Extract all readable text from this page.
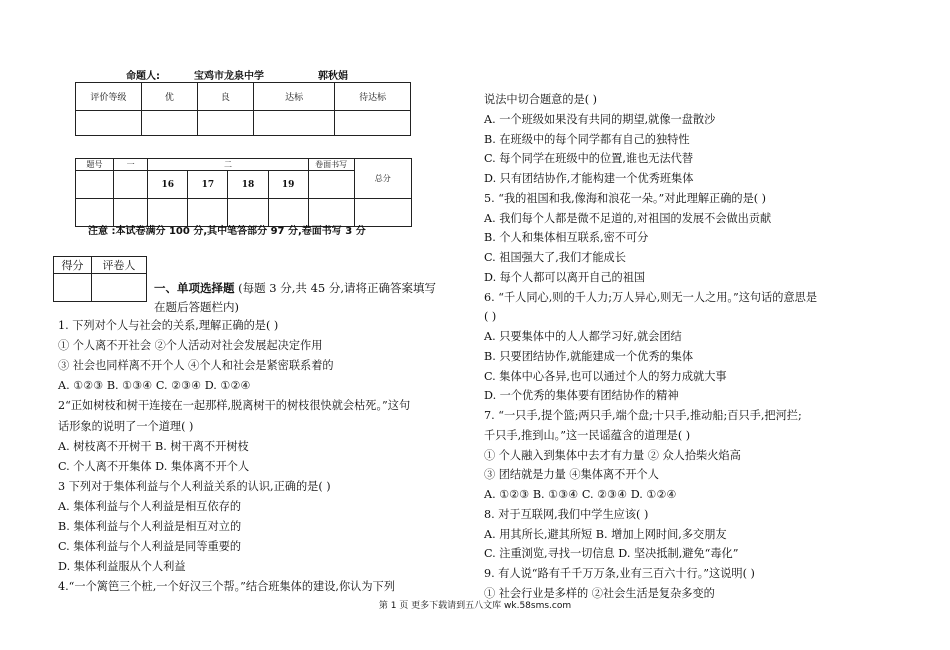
命题人:	宝鸡市龙泉中学	郭秋娟
评价等级	优	良	达标	待达标

题号	一	二				卷面书写	总分
		16	17	18	19		

注意 :本试卷满分 100 分,其中笔答部分 97 分,卷面书写 3 分
得分	评卷人

一、单项选择题 (每题 3 分,共 45 分,请将正确答案填写
在题后答题栏内)
1. 下列对个人与社会的关系,理解正确的是( )
① 个人离不开社会 ②个人活动对社会发展起决定作用
③ 社会也同样离不开个人 ④个人和社会是紧密联系着的
A. ①②③ B. ①③④ C. ②③④ D. ①②④
2“正如树枝和树干连接在一起那样,脱离树干的树枝很快就会枯死。”这句
话形象的说明了一个道理( )
A. 树枝离不开树干 B. 树干离不开树枝
C. 个人离不开集体 D. 集体离不开个人
3 下列对于集体利益与个人利益关系的认识,正确的是( )
A. 集体利益与个人利益是相互依存的
B. 集体利益与个人利益是相互对立的
C. 集体利益与个人利益是同等重要的
D. 集体利益服从个人利益
4.“一个篱笆三个桩,一个好汉三个帮。”结合班集体的建设,你认为下列
说法中切合题意的是( )
A. 一个班级如果没有共同的期望,就像一盘散沙
B. 在班级中的每个同学都有自己的独特性
C. 每个同学在班级中的位置,谁也无法代替
D. 只有团结协作,才能构建一个优秀班集体
5. “我的祖国和我,像海和浪花一朵。”对此理解正确的是( )
A. 我们每个人都是微不足道的,对祖国的发展不会做出贡献
B. 个人和集体相互联系,密不可分
C. 祖国强大了,我们才能成长
D. 每个人都可以离开自己的祖国
6. “千人同心,则的千人力;万人异心,则无一人之用。”这句话的意思是
( )
A. 只要集体中的人人都学习好,就会团结
B. 只要团结协作,就能建成一个优秀的集体
C. 集体中心各异,也可以通过个人的努力成就大事
D. 一个优秀的集体要有团结协作的精神
7. “一只手,提个篮;两只手,端个盘;十只手,推动船;百只手,把河拦;
千只手,推到山。”这一民谣蕴含的道理是( )
① 个人融入到集体中去才有力量 ② 众人拾柴火焰高
③ 团结就是力量 ④集体离不开个人
A. ①②③ B. ①③④ C. ②③④ D. ①②④
8. 对于互联网,我们中学生应该( )
A. 用其所长,避其所短 B. 增加上网时间,多交朋友
C. 注重浏览,寻找一切信息 D. 坚决抵制,避免“毒化”
9. 有人说“路有千千万万条,业有三百六十行。”这说明( )
① 社会行业是多样的 ②社会生活是复杂多变的
第 1 页 更多下载请到五八文库 wk.58sms.com
